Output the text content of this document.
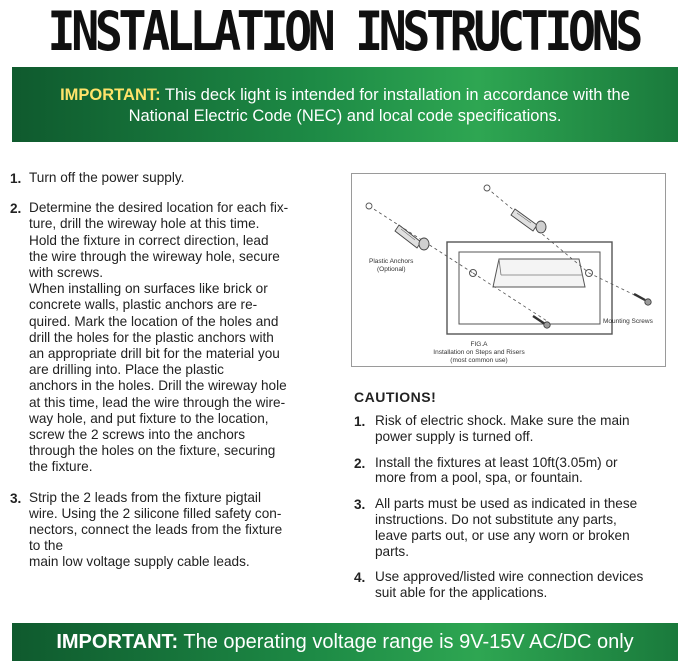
INSTALLATION INSTRUCTIONS
IMPORTANT: This deck light is intended for installation in accordance with the
National Electric Code (NEC) and local code specifications.
1. Turn off the power supply.
2. Determine the desired location for each fix-
ture, drill the wireway hole at this time.
Hold the fixture in correct direction, lead
the wire through the wireway hole, secure
with screws.
When installing on surfaces like brick or
concrete walls, plastic anchors are re-
quired. Mark the location of the holes and
drill the holes for the plastic anchors with
an appropriate drill bit for the material you
are drilling into. Place the plastic
anchors in the holes. Drill the wireway hole
at this time, lead the wire through the wire-
way hole, and put fixture to the location,
screw the 2 screws into the anchors
through the holes on the fixture, securing
the fixture.
3. Strip the 2 leads from the fixture pigtail
wire. Using the 2 silicone filled safety con-
nectors, connect the leads from the fixture
to the
main low voltage supply cable leads.
Plastic Anchors
(Optional)
Mounting Screws
FIG.A
Installation on Steps and Risers
(most common use)
CAUTIONS!
1. Risk of electric shock. Make sure the main
power supply is turned off.
2. Install the fixtures at least 10ft(3.05m) or
more from a pool, spa, or fountain.
3. All parts must be used as indicated in these
instructions. Do not substitute any parts,
leave parts out, or use any worn or broken
parts.
4. Use approved/listed wire connection devices
suit able for the applications.
IMPORTANT: The operating voltage range is 9V-15V AC/DC only
